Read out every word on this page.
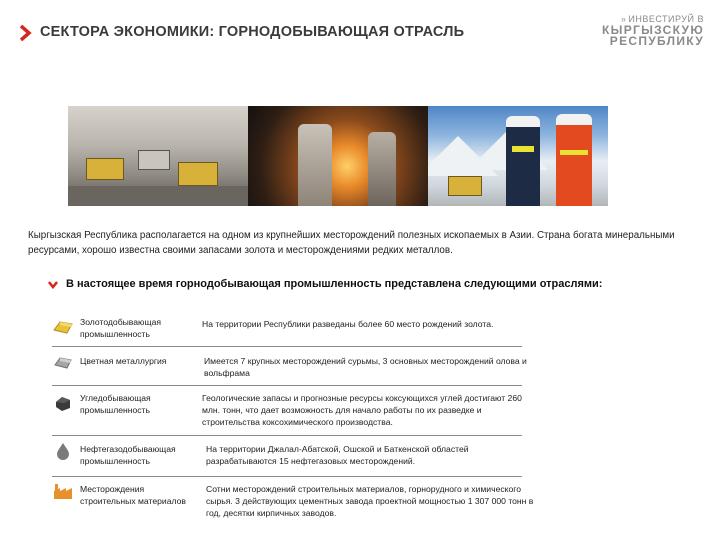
СЕКТОРА ЭКОНОМИКИ: ГОРНОДОБЫВАЮЩАЯ ОТРАСЛЬ
» ИНВЕСТИРУЙ В
КЫРГЫЗСКУЮ
РЕСПУБЛИКУ
Кыргызская Республика располагается на одном из крупнейших месторождений полезных ископаемых в Азии. Страна богата минеральными ресурсами, хорошо известна своими запасами золота и месторождениями редких металлов.
В настоящее время горнодобывающая промышленность представлена следующими отраслями:
Золотодобывающая промышленность
На территории Республики разведаны более 60 место рождений золота.
Цветная металлургия	Имеется 7 крупных месторождений сурьмы, 3 основных месторождений олова и вольфрама
Угледобывающая промышленность
Геологические запасы и прогнозные ресурсы коксующихся углей достигают 260 млн. тонн, что дает возможность для начало работы по их разведке и строительства коксохимического производства.
Нефтегазодобывающая промышленность
На территории Джалал-Абатской, Ошской и Баткенской областей разрабатываются 15 нефтегазовых месторождений.
Месторождения строительных материалов
Сотни месторождений строительных материалов, горнорудного и химического сырья. 3 действующих цементных завода проектной мощностью 1 307 000 тонн в год, десятки кирпичных заводов.
